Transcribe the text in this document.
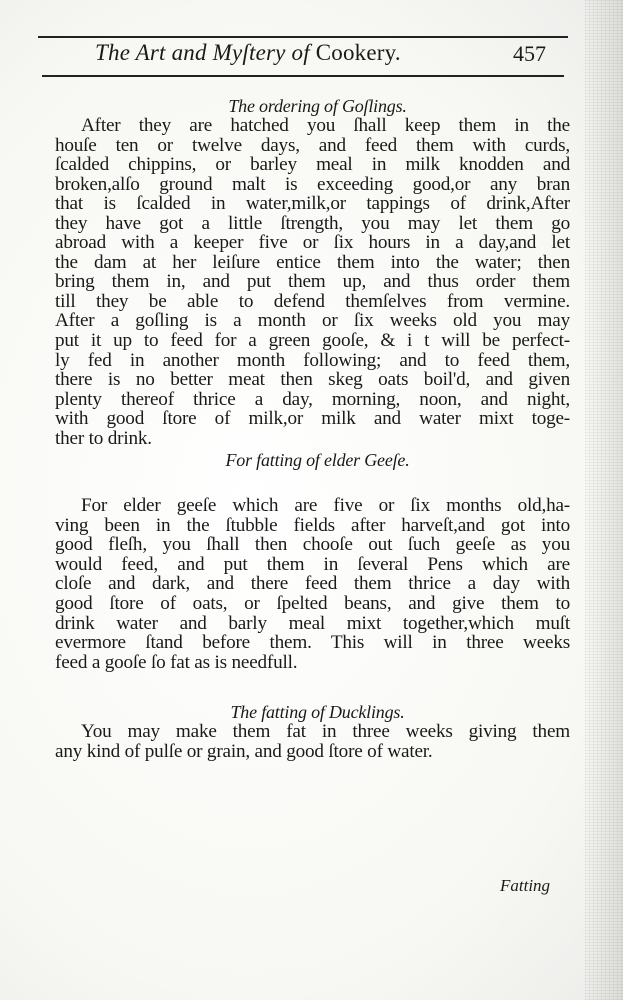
The Art and Myſtery of Cookery.	457
The ordering of Goſlings.
After they are hatched you ſhall keep them in the
houſe ten or twelve days, and feed them with curds,
ſcalded chippins, or barley meal in milk knodden and
broken,alſo ground malt is exceeding good,or any bran
that is ſcalded in water,milk,or tappings of drink,After
they have got a little ſtrength, you may let them go
abroad with a keeper five or ſix hours in a day,and let
the dam at her leiſure entice them into the water; then
bring them in, and put them up, and thus order them
till they be able to defend themſelves from vermine.
After a goſling is a month or ſix weeks old you may
put it up to feed for a green gooſe, & i t will be perfect-
ly fed in another month following; and to feed them,
there is no better meat then skeg oats boil'd, and given
plenty thereof thrice a day, morning, noon, and night,
with good ſtore of milk,or milk and water mixt toge-
ther to drink.
For fatting of elder Geeſe.
For elder geeſe which are five or ſix months old,ha-
ving been in the ſtubble fields after harveſt,and got into
good fleſh, you ſhall then chooſe out ſuch geeſe as you
would feed, and put them in ſeveral Pens which are
cloſe and dark, and there feed them thrice a day with
good ſtore of oats, or ſpelted beans, and give them to
drink water and barly meal mixt together,which muſt
evermore ſtand before them. This will in three weeks
feed a gooſe ſo fat as is needfull.
The fatting of Ducklings.
You may make them fat in three weeks giving them
any kind of pulſe or grain, and good ſtore of water.
Fatting
